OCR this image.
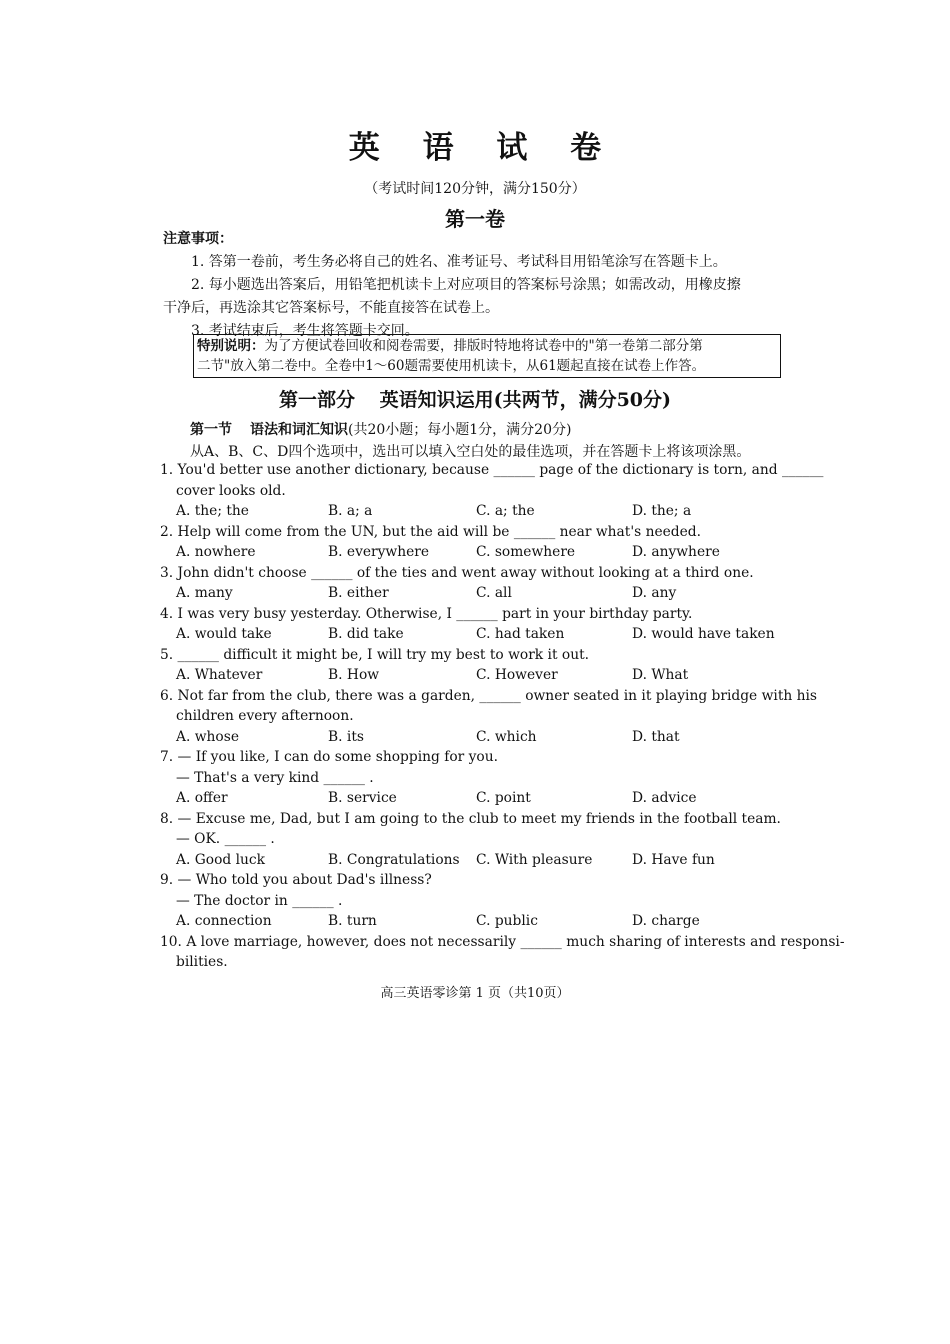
英 语 试 卷
（考试时间120分钟，满分150分）
第一卷
注意事项：
1. 答第一卷前，考生务必将自己的姓名、准考证号、考试科目用铅笔涂写在答题卡上。
2. 每小题选出答案后，用铅笔把机读卡上对应项目的答案标号涂黑；如需改动，用橡皮擦
干净后，再选涂其它答案标号，不能直接答在试卷上。
3. 考试结束后，考生将答题卡交回。
特别说明：为了方便试卷回收和阅卷需要，排版时特地将试卷中的"第一卷第二部分第
二节"放入第二卷中。全卷中1～60题需要使用机读卡，从61题起直接在试卷上作答。
第一部分 英语知识运用(共两节，满分50分)
第一节 语法和词汇知识(共20小题；每小题1分，满分20分)
从A、B、C、D四个选项中，选出可以填入空白处的最佳选项，并在答题卡上将该项涂黑。
1. You'd better use another dictionary, because ______ page of the dictionary is torn, and ______
cover looks old.
A. the; the	B. a; a	C. a; the	D. the; a
2. Help will come from the UN, but the aid will be ______ near what's needed.
A. nowhere	B. everywhere	C. somewhere	D. anywhere
3. John didn't choose ______ of the ties and went away without looking at a third one.
A. many	B. either	C. all	D. any
4. I was very busy yesterday. Otherwise, I ______ part in your birthday party.
A. would take	B. did take	C. had taken	D. would have taken
5. ______ difficult it might be, I will try my best to work it out.
A. Whatever	B. How	C. However	D. What
6. Not far from the club, there was a garden, ______ owner seated in it playing bridge with his
children every afternoon.
A. whose	B. its	C. which	D. that
7. — If you like, I can do some shopping for you.
— That's a very kind ______ .
A. offer	B. service	C. point	D. advice
8. — Excuse me, Dad, but I am going to the club to meet my friends in the football team.
— OK. ______ .
A. Good luck	B. Congratulations C. With pleasure	D. Have fun
9. — Who told you about Dad's illness?
— The doctor in ______ .
A. connection	B. turn	C. public	D. charge
10. A love marriage, however, does not necessarily ______ much sharing of interests and responsi-
bilities.
高三英语零诊第 1 页（共10页）
